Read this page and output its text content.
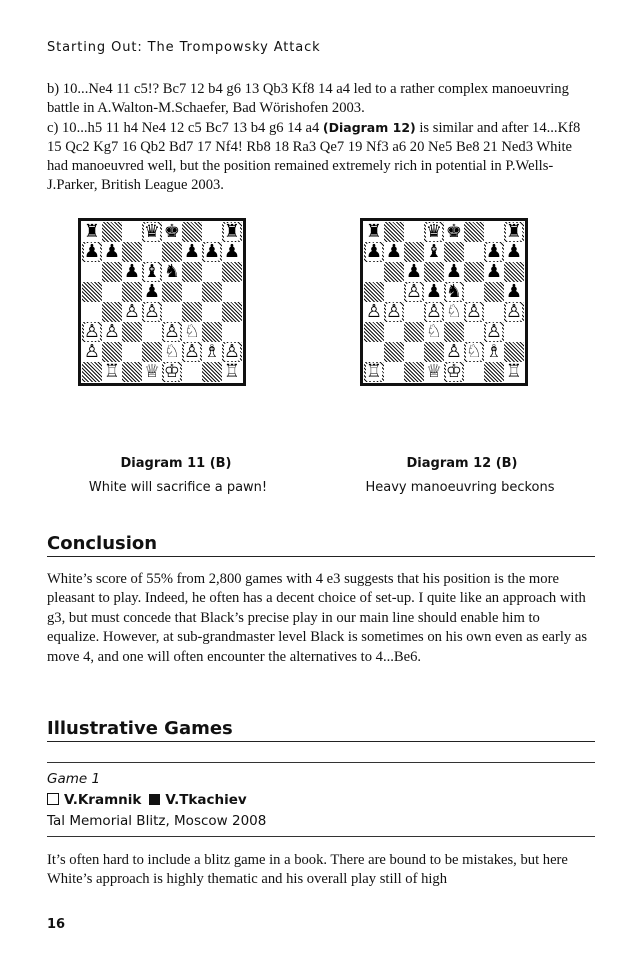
Starting Out: The Trompowsky Attack
b) 10...Ne4 11 c5!? Bc7 12 b4 g6 13 Qb3 Kf8 14 a4 led to a rather complex manoeuvring battle in A.Walton-M.Schaefer, Bad Wörishofen 2003.
c) 10...h5 11 h4 Ne4 12 c5 Bc7 13 b4 g6 14 a4 (Diagram 12) is similar and after 14...Kf8 15 Qc2 Kg7 16 Qb2 Bd7 17 Nf4! Rb8 18 Ra3 Qe7 19 Nf3 a6 20 Ne5 Be8 21 Ned3 White had manoeuvred well, but the position remained extremely rich in potential in P.Wells-J.Parker, British League 2003.
♜ ♛ ♚ ♜
♟ ♟	♟ ♟ ♟
♟ ♝ ♞
♟
♙ ♙
♙ ♙ ♙ ♘
♙	♘ ♙ ♗ ♙
♖ ♕ ♔ ♖
♜ ♛ ♚ ♜
♟ ♟ ♝ ♟ ♟
♟ ♟ ♟
♙ ♟ ♞ ♟
♙ ♙ ♙ ♘ ♙ ♙
♘ ♙
♙ ♘ ♗
♖ ♕ ♔ ♖
Diagram 11 (B)
White will sacrifice a pawn!
Diagram 12 (B)
Heavy manoeuvring beckons
Conclusion
White’s score of 55% from 2,800 games with 4 e3 suggests that his position is the more pleasant to play. Indeed, he often has a decent choice of set-up. I quite like an approach with g3, but must concede that Black’s precise play in our main line should enable him to equalize. However, at sub-grandmaster level Black is sometimes on his own even as early as move 4, and one will often encounter the alternatives to 4...Be6.
Illustrative Games
Game 1
V.Kramnik V.Tkachiev
Tal Memorial Blitz, Moscow 2008
It’s often hard to include a blitz game in a book. There are bound to be mistakes, but here White’s approach is highly thematic and his overall play still of high
16
